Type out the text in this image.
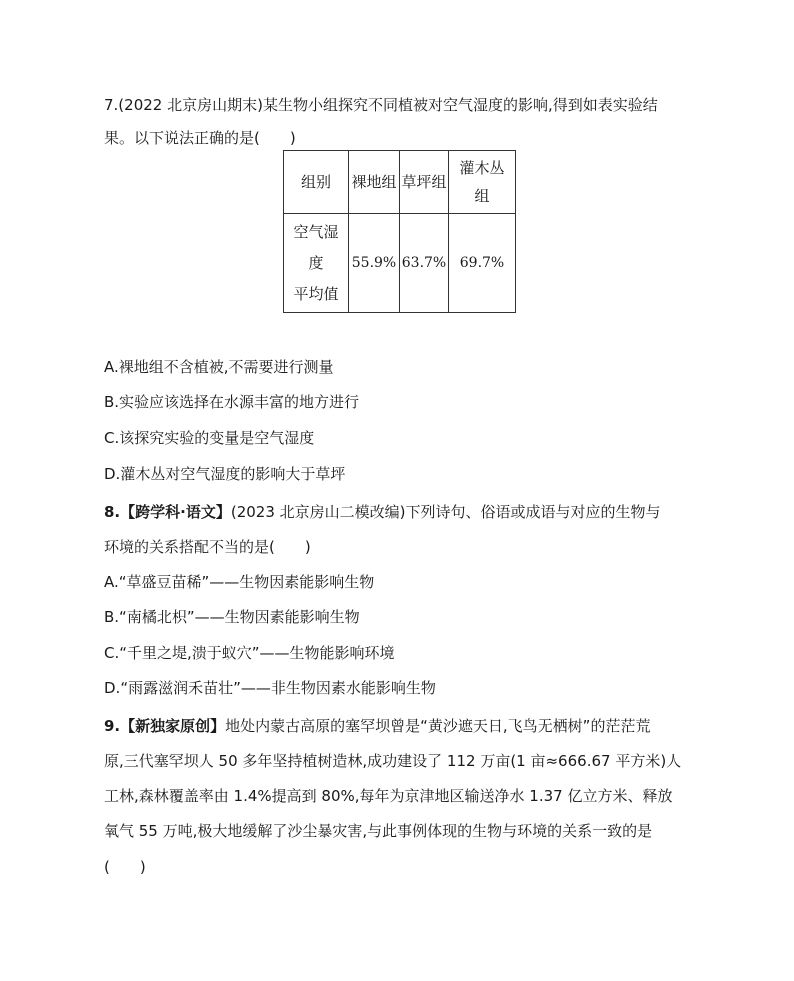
7.(2022 北京房山期末)某生物小组探究不同植被对空气湿度的影响,得到如表实验结
果。以下说法正确的是(　　)
组别	裸地组	草坪组	灌木丛
组

空气湿
度
平均值	55.9%	63.7%	69.7%
A.裸地组不含植被,不需要进行测量
B.实验应该选择在水源丰富的地方进行
C.该探究实验的变量是空气湿度
D.灌木丛对空气湿度的影响大于草坪
8.【跨学科·语文】(2023 北京房山二模改编)下列诗句、俗语或成语与对应的生物与
环境的关系搭配不当的是(　　)
A.“草盛豆苗稀”——生物因素能影响生物
B.“南橘北枳”——生物因素能影响生物
C.“千里之堤,溃于蚁穴”——生物能影响环境
D.“雨露滋润禾苗壮”——非生物因素水能影响生物
9.【新独家原创】地处内蒙古高原的塞罕坝曾是“黄沙遮天日,飞鸟无栖树”的茫茫荒
原,三代塞罕坝人 50 多年坚持植树造林,成功建设了 112 万亩(1 亩≈666.67 平方米)人
工林,森林覆盖率由 1.4%提高到 80%,每年为京津地区输送净水 1.37 亿立方米、释放
氧气 55 万吨,极大地缓解了沙尘暴灾害,与此事例体现的生物与环境的关系一致的是
(　　)
